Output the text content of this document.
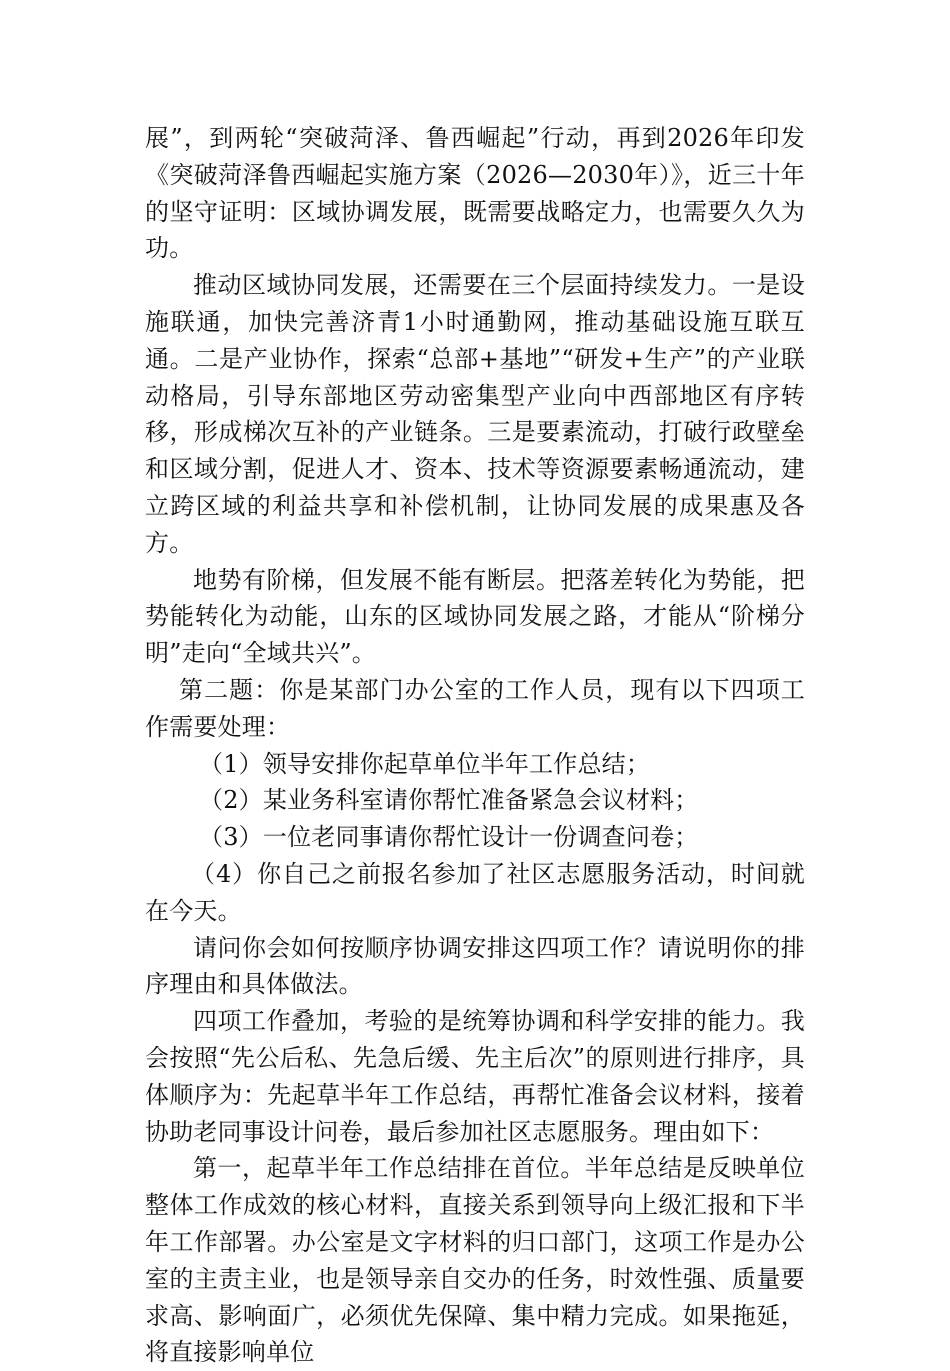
展”，到两轮“突破菏泽、鲁西崛起”行动，再到2026年印发《突破菏泽鲁西崛起实施方案（2026—2030年）》，近三十年的坚守证明：区域协调发展，既需要战略定力，也需要久久为功。

推动区域协同发展，还需要在三个层面持续发力。一是设施联通，加快完善济青1小时通勤网，推动基础设施互联互通。二是产业协作，探索“总部+基地”“研发+生产”的产业联动格局，引导东部地区劳动密集型产业向中西部地区有序转移，形成梯次互补的产业链条。三是要素流动，打破行政壁垒和区域分割，促进人才、资本、技术等资源要素畅通流动，建立跨区域的利益共享和补偿机制，让协同发展的成果惠及各方。

地势有阶梯，但发展不能有断层。把落差转化为势能，把势能转化为动能，山东的区域协同发展之路，才能从“阶梯分明”走向“全域共兴”。

第二题：你是某部门办公室的工作人员，现有以下四项工作需要处理：

（1）领导安排你起草单位半年工作总结；

（2）某业务科室请你帮忙准备紧急会议材料；

（3）一位老同事请你帮忙设计一份调查问卷；

（4）你自己之前报名参加了社区志愿服务活动，时间就在今天。

请问你会如何按顺序协调安排这四项工作？请说明你的排序理由和具体做法。

四项工作叠加，考验的是统筹协调和科学安排的能力。我会按照“先公后私、先急后缓、先主后次”的原则进行排序，具体顺序为：先起草半年工作总结，再帮忙准备会议材料，接着协助老同事设计问卷，最后参加社区志愿服务。理由如下：

第一，起草半年工作总结排在首位。半年总结是反映单位整体工作成效的核心材料，直接关系到领导向上级汇报和下半年工作部署。办公室是文字材料的归口部门，这项工作是办公室的主责主业，也是领导亲自交办的任务，时效性强、质量要求高、影响面广，必须优先保障、集中精力完成。如果拖延，将直接影响单位
